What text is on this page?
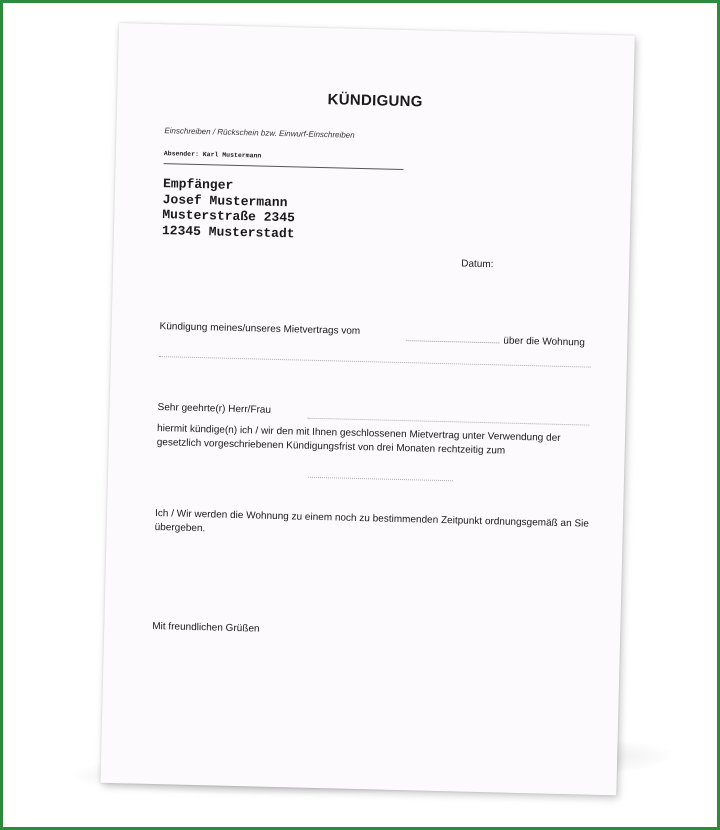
KÜNDIGUNG

Einschreiben / Rückschein bzw. Einwurf-Einschreiben

Absender: Karl Mustermann

Empfänger
Josef Mustermann
Musterstraße 2345
12345 Musterstadt

Datum:

Kündigung meines/unseres Mietvertrags vom

über die Wohnung

Sehr geehrte(r) Herr/Frau

hiermit kündige(n) ich / wir den mit Ihnen geschlossenen Mietvertrag unter Verwendung der gesetzlich vorgeschriebenen Kündigungsfrist von drei Monaten rechtzeitig zum

Ich / Wir werden die Wohnung zu einem noch zu bestimmenden Zeitpunkt ordnungsgemäß an Sie übergeben.

Mit freundlichen Grüßen
